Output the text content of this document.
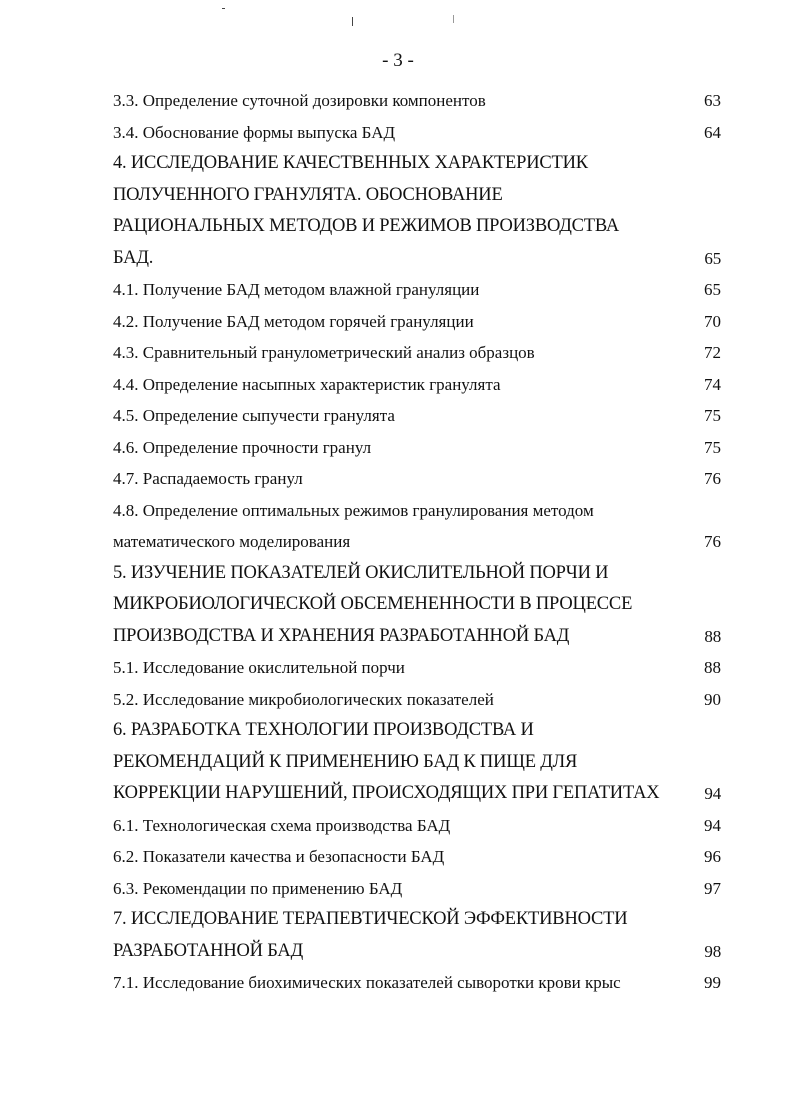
- 3 -
3.3. Определение суточной дозировки компонентов	63
3.4. Обоснование формы выпуска БАД	64
4. ИССЛЕДОВАНИЕ КАЧЕСТВЕННЫХ ХАРАКТЕРИСТИК
ПОЛУЧЕННОГО ГРАНУЛЯТА. ОБОСНОВАНИЕ
РАЦИОНАЛЬНЫХ МЕТОДОВ И РЕЖИМОВ ПРОИЗВОДСТВА
БАД.	65
4.1. Получение БАД методом влажной грануляции	65
4.2. Получение БАД методом горячей грануляции	70
4.3. Сравнительный гранулометрический анализ образцов	72
4.4. Определение насыпных характеристик гранулята	74
4.5. Определение сыпучести гранулята	75
4.6. Определение прочности гранул	75
4.7. Распадаемость гранул	76
4.8. Определение оптимальных режимов гранулирования методом
математического моделирования	76
5. ИЗУЧЕНИЕ ПОКАЗАТЕЛЕЙ ОКИСЛИТЕЛЬНОЙ ПОРЧИ И
МИКРОБИОЛОГИЧЕСКОЙ ОБСЕМЕНЕННОСТИ В ПРОЦЕССЕ
ПРОИЗВОДСТВА И ХРАНЕНИЯ РАЗРАБОТАННОЙ БАД	88
5.1. Исследование окислительной порчи	88
5.2. Исследование микробиологических показателей	90
6. РАЗРАБОТКА ТЕХНОЛОГИИ ПРОИЗВОДСТВА И
РЕКОМЕНДАЦИЙ К ПРИМЕНЕНИЮ БАД К ПИЩЕ ДЛЯ
КОРРЕКЦИИ НАРУШЕНИЙ, ПРОИСХОДЯЩИХ ПРИ ГЕПАТИТАХ	94
6.1. Технологическая схема производства БАД	94
6.2. Показатели качества и безопасности БАД	96
6.3. Рекомендации по применению БАД	97
7. ИССЛЕДОВАНИЕ ТЕРАПЕВТИЧЕСКОЙ ЭФФЕКТИВНОСТИ
РАЗРАБОТАННОЙ БАД	98
7.1. Исследование биохимических показателей сыворотки крови крыс	99
